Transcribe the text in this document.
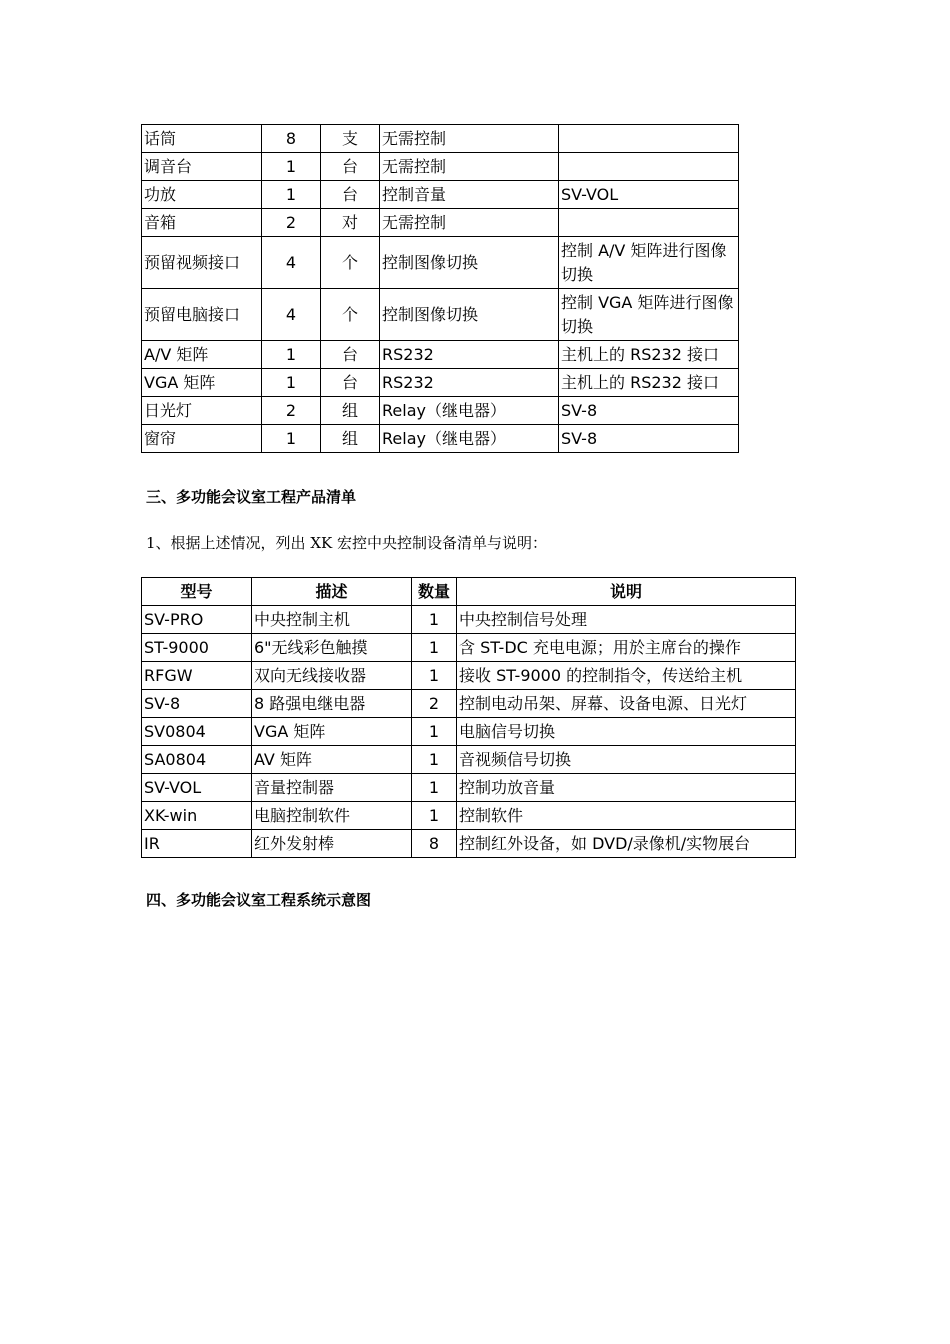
话筒	8	支	无需控制	
调音台	1	台	无需控制	
功放	1	台	控制音量	SV-VOL
音箱	2	对	无需控制	
预留视频接口	4	个	控制图像切换	控制 A/V 矩阵进行图像切换
预留电脑接口	4	个	控制图像切换	控制 VGA 矩阵进行图像切换
A/V 矩阵	1	台	RS232	主机上的 RS232 接口
VGA 矩阵	1	台	RS232	主机上的 RS232 接口
日光灯	2	组	Relay（继电器）	SV-8
窗帘	1	组	Relay（继电器）	SV-8

三、多功能会议室工程产品清单

1、根据上述情况，列出 XK 宏控中央控制设备清单与说明：

型号	描述	数量	说明
SV-PRO	中央控制主机	1	中央控制信号处理
ST-9000	6"无线彩色触摸	1	含 ST-DC 充电电源；用於主席台的操作
RFGW	双向无线接收器	1	接收 ST-9000 的控制指令，传送给主机
SV-8	8 路强电继电器	2	控制电动吊架、屏幕、设备电源、日光灯
SV0804	VGA 矩阵	1	电脑信号切换
SA0804	AV 矩阵	1	音视频信号切换
SV-VOL	音量控制器	1	控制功放音量
XK-win	电脑控制软件	1	控制软件
IR	红外发射棒	8	控制红外设备，如 DVD/录像机/实物展台

四、多功能会议室工程系统示意图
